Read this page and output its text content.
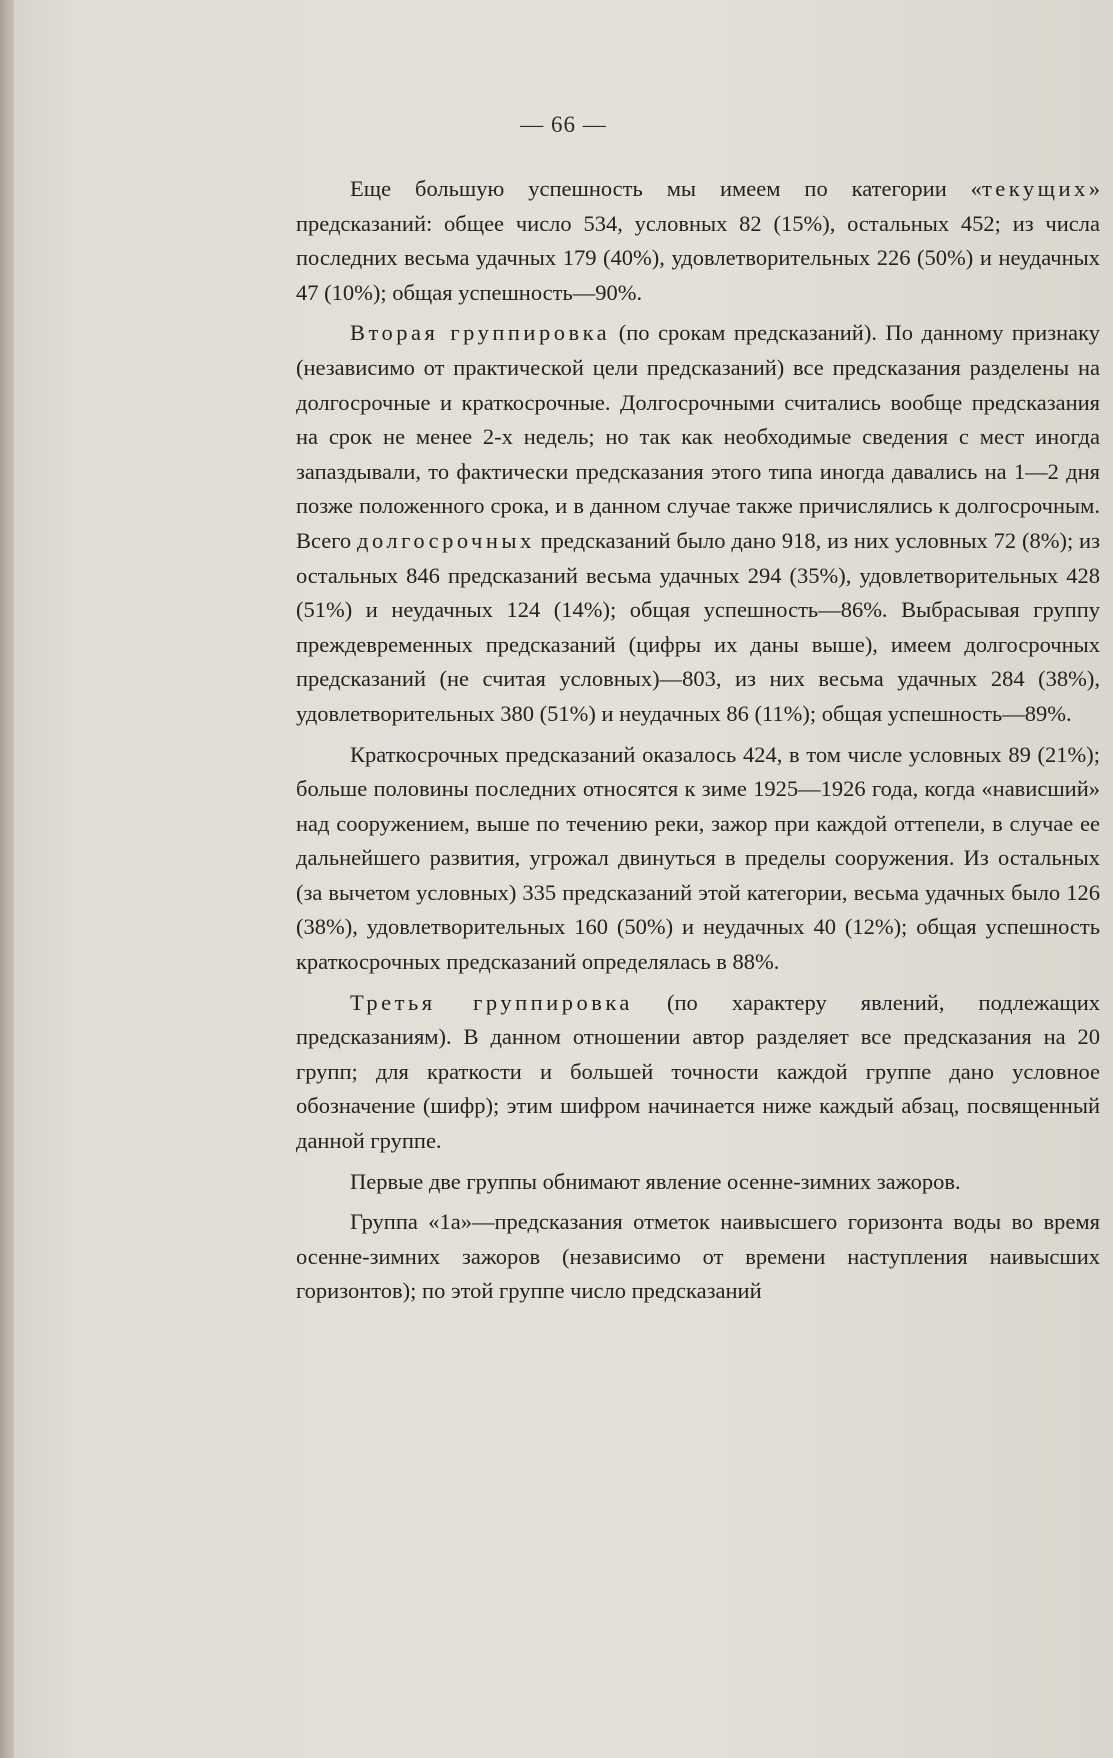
— 66 —

Еще большую успешность мы имеем по категории «текущих» предсказаний: общее число 534, условных 82 (15%), остальных 452; из числа последних весьма удачных 179 (40%), удовлетворительных 226 (50%) и неудачных 47 (10%); общая успешность—90%.

Вторая группировка (по срокам предсказаний). По данному признаку (независимо от практической цели предсказаний) все предсказания разделены на долгосрочные и краткосрочные. Долгосрочными считались вообще предсказания на срок не менее 2-х недель; но так как необходимые сведения с мест иногда запаздывали, то фактически предсказания этого типа иногда давались на 1—2 дня позже положенного срока, и в данном случае также причислялись к долгосрочным. Всего долгосрочных предсказаний было дано 918, из них условных 72 (8%); из остальных 846 предсказаний весьма удачных 294 (35%), удовлетворительных 428 (51%) и неудачных 124 (14%); общая успешность—86%. Выбрасывая группу преждевременных предсказаний (цифры их даны выше), имеем долгосрочных предсказаний (не считая условных)—803, из них весьма удачных 284 (38%), удовлетворительных 380 (51%) и неудачных 86 (11%); общая успешность—89%.

Краткосрочных предсказаний оказалось 424, в том числе условных 89 (21%); больше половины последних относятся к зиме 1925—1926 года, когда «нависший» над сооружением, выше по течению реки, зажор при каждой оттепели, в случае ее дальнейшего развития, угрожал двинуться в пределы сооружения. Из остальных (за вычетом условных) 335 предсказаний этой категории, весьма удачных было 126 (38%), удовлетворительных 160 (50%) и неудачных 40 (12%); общая успешность краткосрочных предсказаний определялась в 88%.

Третья группировка (по характеру явлений, подлежащих предсказаниям). В данном отношении автор разделяет все предсказания на 20 групп; для краткости и большей точности каждой группе дано условное обозначение (шифр); этим шифром начинается ниже каждый абзац, посвященный данной группе.

Первые две группы обнимают явление осенне-зимних зажоров.

Группа «1а»—предсказания отметок наивысшего горизонта воды во время осенне-зимних зажоров (независимо от времени наступления наивысших горизонтов); по этой группе число предсказаний
